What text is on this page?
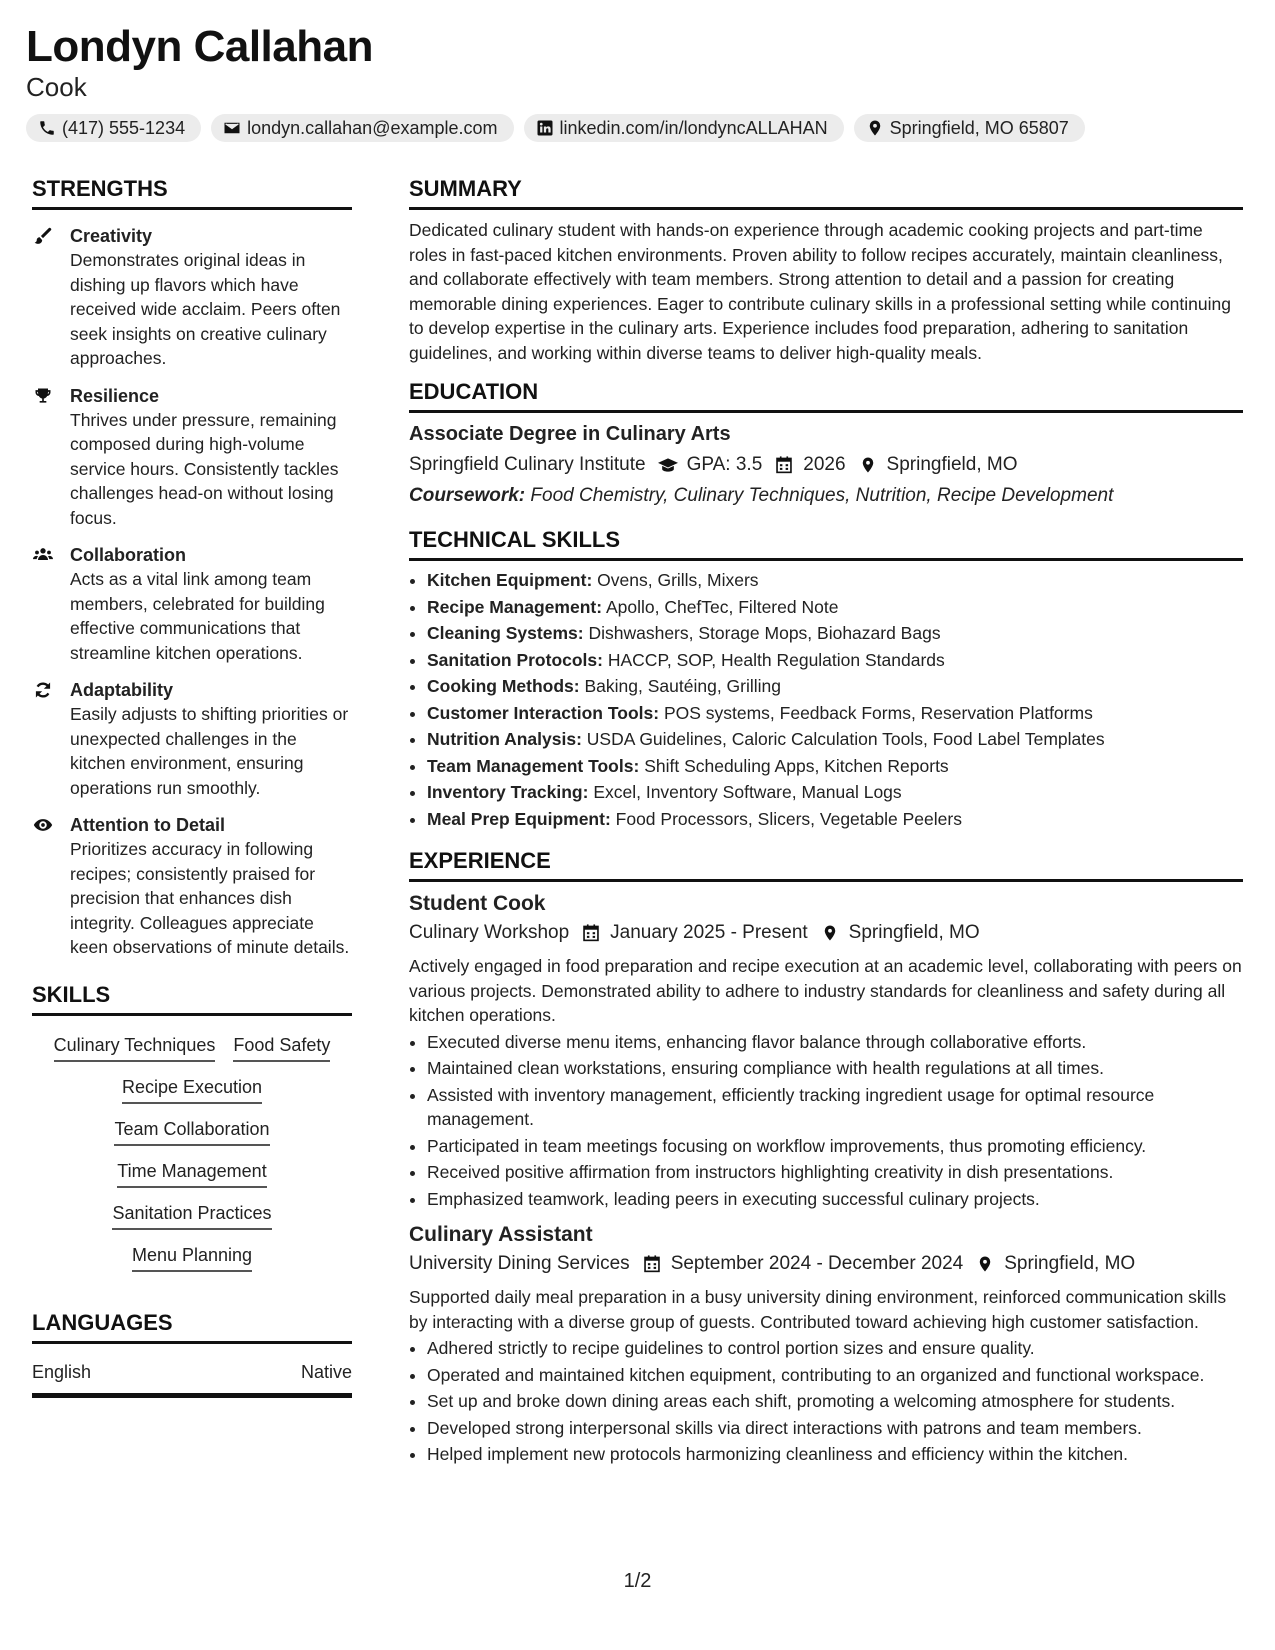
Londyn Callahan
Cook
(417) 555-1234	londyn.callahan@example.com	linkedin.com/in/londyncALLAHAN	Springfield, MO 65807
STRENGTHS
Creativity
Demonstrates original ideas in dishing up flavors which have received wide acclaim. Peers often seek insights on creative culinary approaches.
Resilience
Thrives under pressure, remaining composed during high-volume service hours. Consistently tackles challenges head-on without losing focus.
Collaboration
Acts as a vital link among team members, celebrated for building effective communications that streamline kitchen operations.
Adaptability
Easily adjusts to shifting priorities or unexpected challenges in the kitchen environment, ensuring operations run smoothly.
Attention to Detail
Prioritizes accuracy in following recipes; consistently praised for precision that enhances dish integrity. Colleagues appreciate keen observations of minute details.
SKILLS
Culinary Techniques Food Safety
Recipe Execution
Team Collaboration
Time Management
Sanitation Practices
Menu Planning
LANGUAGES
English	Native
SUMMARY
Dedicated culinary student with hands-on experience through academic cooking projects and part-time roles in fast-paced kitchen environments. Proven ability to follow recipes accurately, maintain cleanliness, and collaborate effectively with team members. Strong attention to detail and a passion for creating memorable dining experiences. Eager to contribute culinary skills in a professional setting while continuing to develop expertise in the culinary arts. Experience includes food preparation, adhering to sanitation guidelines, and working within diverse teams to deliver high-quality meals.
EDUCATION
Associate Degree in Culinary Arts
Springfield Culinary Institute GPA: 3.5 2026 Springfield, MO
Coursework: Food Chemistry, Culinary Techniques, Nutrition, Recipe Development
TECHNICAL SKILLS
• Kitchen Equipment: Ovens, Grills, Mixers
• Recipe Management: Apollo, ChefTec, Filtered Note
• Cleaning Systems: Dishwashers, Storage Mops, Biohazard Bags
• Sanitation Protocols: HACCP, SOP, Health Regulation Standards
• Cooking Methods: Baking, Sautéing, Grilling
• Customer Interaction Tools: POS systems, Feedback Forms, Reservation Platforms
• Nutrition Analysis: USDA Guidelines, Caloric Calculation Tools, Food Label Templates
• Team Management Tools: Shift Scheduling Apps, Kitchen Reports
• Inventory Tracking: Excel, Inventory Software, Manual Logs
• Meal Prep Equipment: Food Processors, Slicers, Vegetable Peelers
EXPERIENCE
Student Cook
Culinary Workshop January 2025 - Present Springfield, MO
Actively engaged in food preparation and recipe execution at an academic level, collaborating with peers on various projects. Demonstrated ability to adhere to industry standards for cleanliness and safety during all kitchen operations.
• Executed diverse menu items, enhancing flavor balance through collaborative efforts.
• Maintained clean workstations, ensuring compliance with health regulations at all times.
• Assisted with inventory management, efficiently tracking ingredient usage for optimal resource management.
• Participated in team meetings focusing on workflow improvements, thus promoting efficiency.
• Received positive affirmation from instructors highlighting creativity in dish presentations.
• Emphasized teamwork, leading peers in executing successful culinary projects.
Culinary Assistant
University Dining Services September 2024 - December 2024 Springfield, MO
Supported daily meal preparation in a busy university dining environment, reinforced communication skills by interacting with a diverse group of guests. Contributed toward achieving high customer satisfaction.
• Adhered strictly to recipe guidelines to control portion sizes and ensure quality.
• Operated and maintained kitchen equipment, contributing to an organized and functional workspace.
• Set up and broke down dining areas each shift, promoting a welcoming atmosphere for students.
• Developed strong interpersonal skills via direct interactions with patrons and team members.
• Helped implement new protocols harmonizing cleanliness and efficiency within the kitchen.
1/2
